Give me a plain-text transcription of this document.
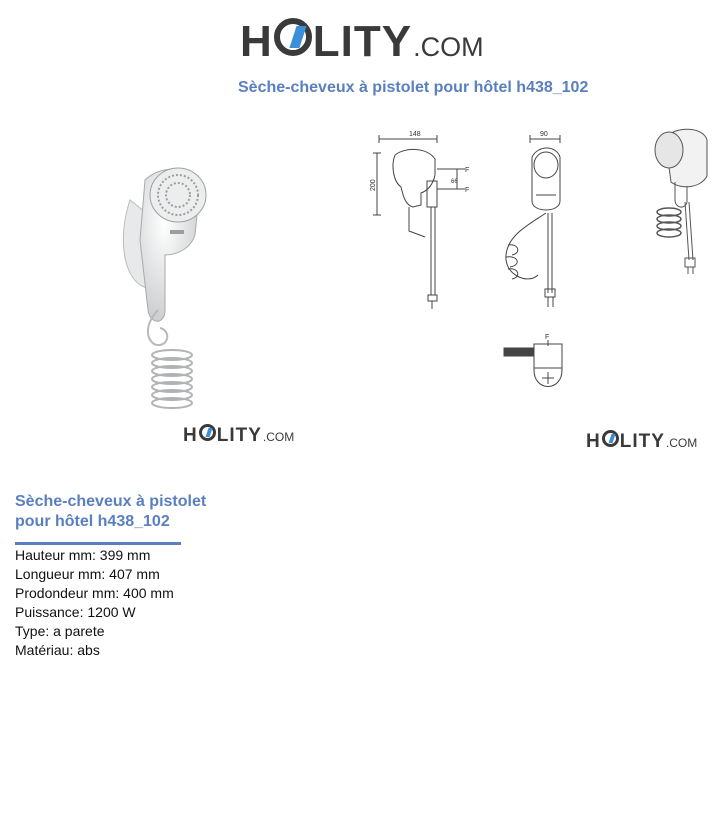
H LITY .COM
Sèche-cheveux à pistolet pour hôtel h438_102
H LITY .COM
148
200	66
F
F
90
F
H LITY .COM
Sèche-cheveux à pistolet pour hôtel h438_102
Hauteur mm: 399 mm
Longueur mm: 407 mm
Prodondeur mm: 400 mm
Puissance: 1200 W
Type: a parete
Matériau: abs
